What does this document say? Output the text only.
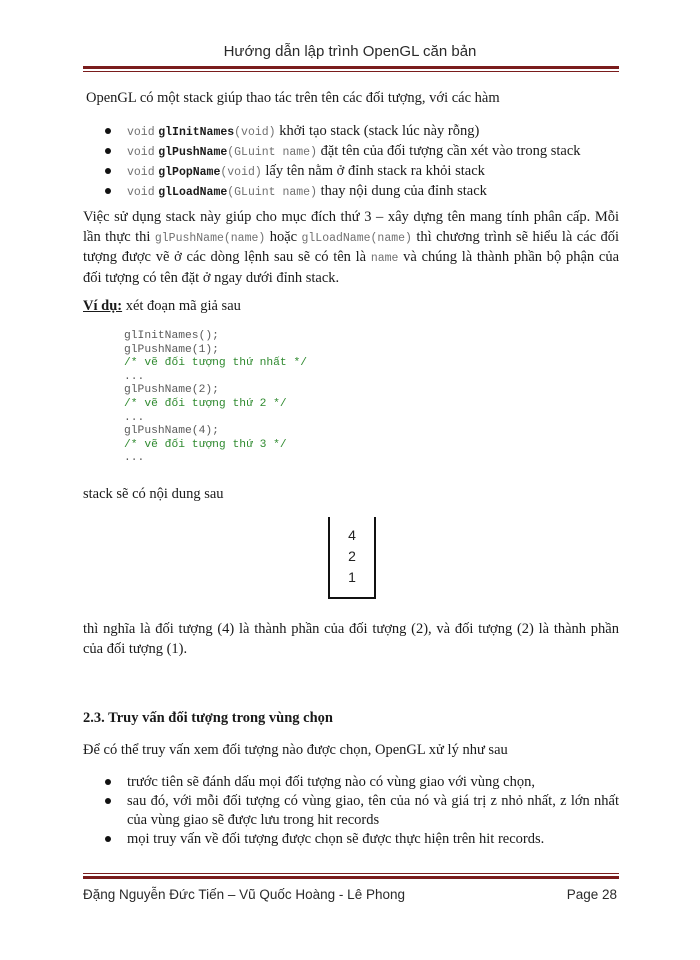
Hướng dẫn lập trình OpenGL căn bản
OpenGL có một stack giúp thao tác trên tên các đối tượng, với các hàm
void glInitNames(void) khởi tạo stack (stack lúc này rỗng)
void glPushName(GLuint name) đặt tên của đối tượng cần xét vào trong stack
void glPopName(void) lấy tên nằm ở đỉnh stack ra khỏi stack
void glLoadName(GLuint name) thay nội dung của đỉnh stack
Việc sử dụng stack này giúp cho mục đích thứ 3 – xây dựng tên mang tính phân cấp. Mỗi lần thực thi glPushName(name) hoặc glLoadName(name) thì chương trình sẽ hiểu là các đối tượng được vẽ ở các dòng lệnh sau sẽ có tên là name và chúng là thành phần bộ phận của đối tượng có tên đặt ở ngay dưới đỉnh stack.
Ví dụ: xét đoạn mã giả sau
glInitNames();
glPushName(1);
/* vẽ đối tượng thứ nhất */
...
glPushName(2);
/* vẽ đối tượng thứ 2 */
...
glPushName(4);
/* vẽ đối tượng thứ 3 */
...
stack sẽ có nội dung sau
4
2
1
thì nghĩa là đối tượng (4) là thành phần của đối tượng (2), và đối tượng (2) là thành phần của đối tượng (1).
2.3. Truy vấn đối tượng trong vùng chọn
Để có thể truy vấn xem đối tượng nào được chọn, OpenGL xử lý như sau
trước tiên sẽ đánh dấu mọi đối tượng nào có vùng giao với vùng chọn,
sau đó, với mỗi đối tượng có vùng giao, tên của nó và giá trị z nhỏ nhất, z lớn nhất của vùng giao sẽ được lưu trong hit records
mọi truy vấn về đối tượng được chọn sẽ được thực hiện trên hit records.
Đặng Nguyễn Đức Tiến – Vũ Quốc Hoàng - Lê Phong	Page 28
